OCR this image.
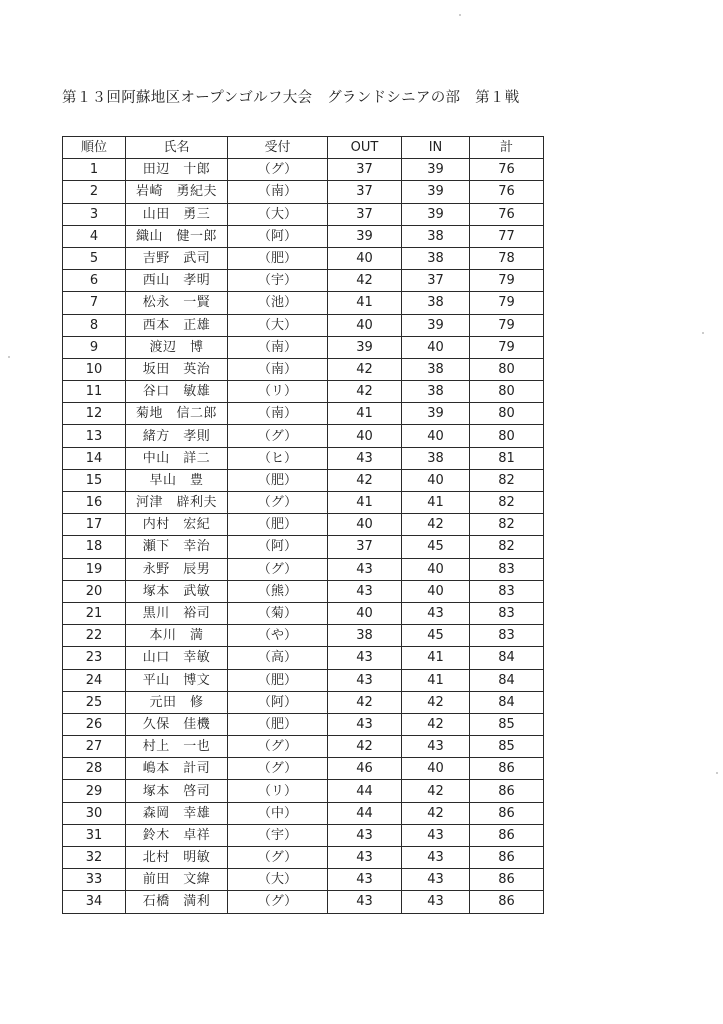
第１３回阿蘇地区オープンゴルフ大会　グランドシニアの部　第１戦
順位	氏名	受付	OUT	IN	計
1	田辺　十郎	（グ）	37	39	76
2	岩崎　勇紀夫	（南）	37	39	76
3	山田　勇三	（大）	37	39	76
4	織山　健一郎	（阿）	39	38	77
5	吉野　武司	（肥）	40	38	78
6	西山　孝明	（宇）	42	37	79
7	松永　一賢	（池）	41	38	79
8	西本　正雄	（大）	40	39	79
9	渡辺　博	（南）	39	40	79
10	坂田　英治	（南）	42	38	80
11	谷口　敏雄	（リ）	42	38	80
12	菊地　信二郎	（南）	41	39	80
13	緒方　孝則	（グ）	40	40	80
14	中山　詳二	（ヒ）	43	38	81
15	早山　豊	（肥）	42	40	82
16	河津　辟利夫	（グ）	41	41	82
17	内村　宏紀	（肥）	40	42	82
18	瀬下　幸治	（阿）	37	45	82
19	永野　辰男	（グ）	43	40	83
20	塚本　武敏	（熊）	43	40	83
21	黒川　裕司	（菊）	40	43	83
22	本川　満	（や）	38	45	83
23	山口　幸敏	（高）	43	41	84
24	平山　博文	（肥）	43	41	84
25	元田　修	（阿）	42	42	84
26	久保　佳機	（肥）	43	42	85
27	村上　一也	（グ）	42	43	85
28	嶋本　計司	（グ）	46	40	86
29	塚本　啓司	（リ）	44	42	86
30	森岡　幸雄	（中）	44	42	86
31	鈴木　卓祥	（宇）	43	43	86
32	北村　明敏	（グ）	43	43	86
33	前田　文緯	（大）	43	43	86
34	石橋　満利	（グ）	43	43	86
